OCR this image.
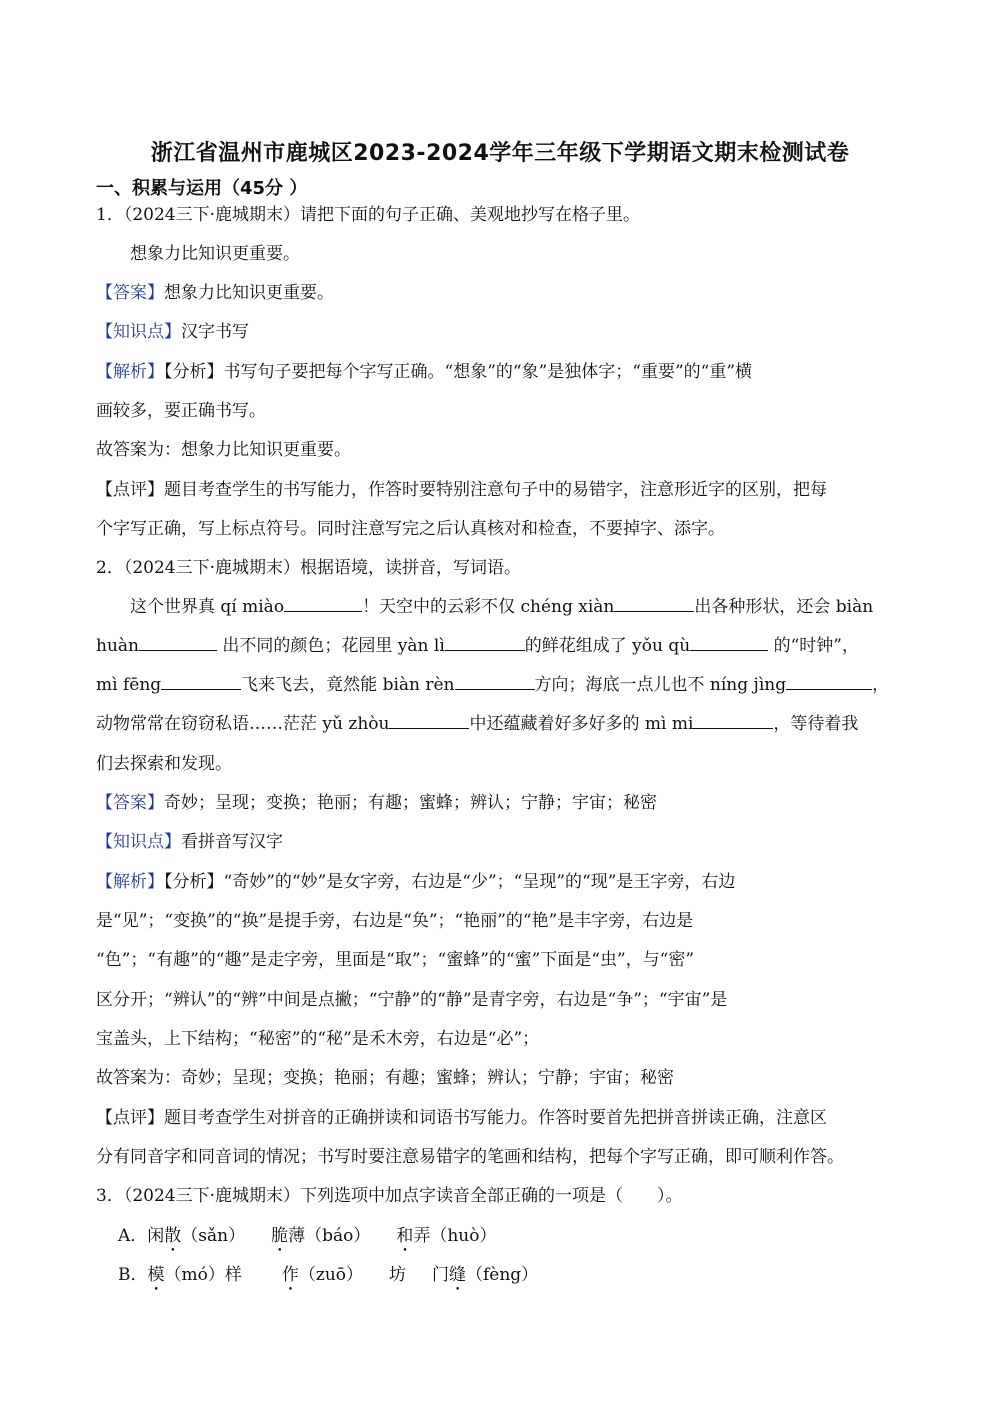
浙江省温州市鹿城区2023-2024学年三年级下学期语文期末检测试卷
一、积累与运用（45分 ）
1．（2024三下·鹿城期末）请把下面的句子正确、美观地抄写在格子里。
想象力比知识更重要。
【答案】想象力比知识更重要。
【知识点】汉字书写
【解析】【分析】书写句子要把每个字写正确。“想象”的“象”是独体字；“重要”的“重”横
画较多，要正确书写。
故答案为：想象力比知识更重要。
【点评】题目考查学生的书写能力，作答时要特别注意句子中的易错字，注意形近字的区别，把每
个字写正确，写上标点符号。同时注意写完之后认真核对和检查，不要掉字、添字。
2．（2024三下·鹿城期末）根据语境，读拼音，写词语。
这个世界真 qí miào	！天空中的云彩不仅 chéng xiàn	出各种形状，还会 biàn
huàn	出不同的颜色；花园里 yàn lì	的鲜花组成了 yǒu qù	的“时钟”，
mì fēng	飞来飞去，竟然能 biàn rèn	方向；海底一点儿也不 níng jìng	，
动物常常在窃窃私语……茫茫 yǔ zhòu	中还蕴藏着好多好多的 mì mi	，等待着我
们去探索和发现。
【答案】奇妙；呈现；变换；艳丽；有趣；蜜蜂；辨认；宁静；宇宙；秘密
【知识点】看拼音写汉字
【解析】【分析】“奇妙”的“妙”是女字旁，右边是“少”；“呈现”的“现”是王字旁，右边
是“见”；“变换”的“换”是提手旁，右边是“奂”；“艳丽”的“艳”是丰字旁，右边是
“色”；“有趣”的“趣”是走字旁，里面是“取”；“蜜蜂”的“蜜”下面是“虫”，与“密”
区分开；“辨认”的“辨”中间是点撇；“宁静”的“静”是青字旁，右边是“争”；“宇宙”是
宝盖头，上下结构；“秘密”的“秘”是禾木旁，右边是“必”；
故答案为：奇妙；呈现；变换；艳丽；有趣；蜜蜂；辨认；宁静；宇宙；秘密
【点评】题目考查学生对拼音的正确拼读和词语书写能力。作答时要首先把拼音拼读正确，注意区
分有同音字和同音词的情况；书写时要注意易错字的笔画和结构，把每个字写正确，即可顺利作答。
3．（2024三下·鹿城期末）下列选项中加点字读音全部正确的一项是（　　）。
A．闲散（sǎn） 脆薄（báo） 和弄（huò）
B．模（mó）样 作（zuō） 坊 门缝（fèng）
